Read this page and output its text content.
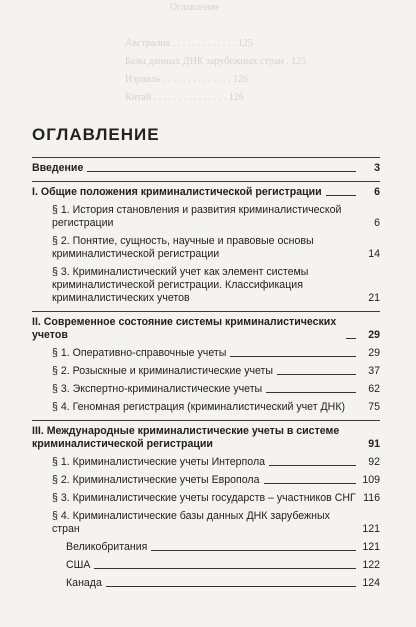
Оглавление
Австралия . . . . . . . . . . . . . 125
Базы данных ДНК зарубежных стран . 125
Израиль . . . . . . . . . . . . . . 126
Китай . . . . . . . . . . . . . . . 126
ОГЛАВЛЕНИЕ
Введение	3
I. Общие положения криминалистической регистрации	6
§ 1. История становления и развития криминалистической регистрации	6
§ 2. Понятие, сущность, научные и правовые основы криминалистической регистрации	14
§ 3. Криминалистический учет как элемент системы криминалистической регистрации. Классификация криминалистических учетов	21
II. Современное состояние системы криминалистических учетов	29
§ 1. Оперативно-справочные учеты	29
§ 2. Розыскные и криминалистические учеты	37
§ 3. Экспертно-криминалистические учеты	62
§ 4. Геномная регистрация (криминалистический учет ДНК)	75
III. Международные криминалистические учеты в системе криминалистической регистрации	91
§ 1. Криминалистические учеты Интерпола	92
§ 2. Криминалистические учеты Европола	109
§ 3. Криминалистические учеты государств – участников СНГ 116
§ 4. Криминалистические базы данных ДНК зарубежных стран	121
Великобритания	121
США	122
Канада	124
